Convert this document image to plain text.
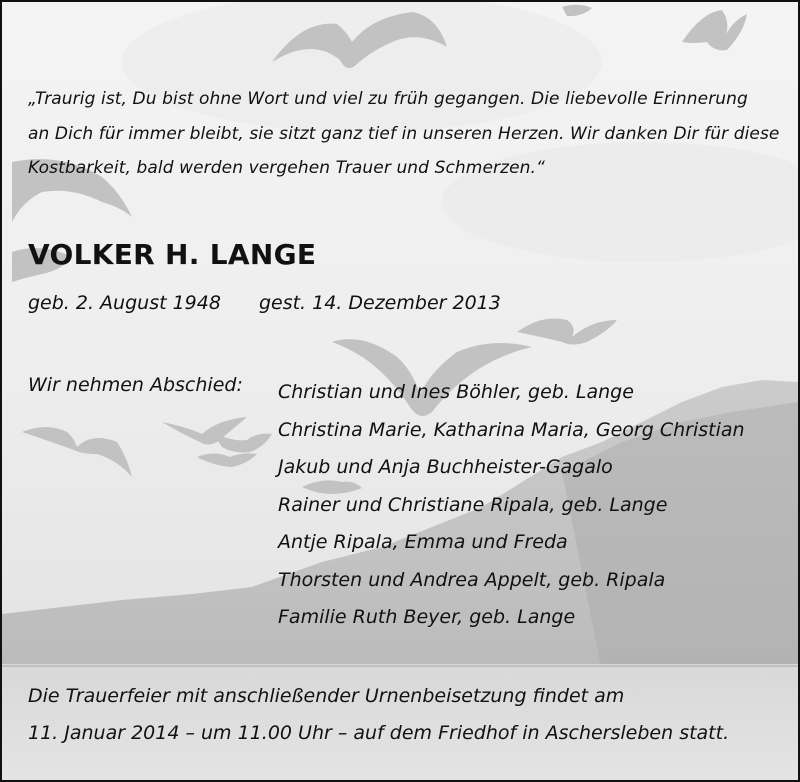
„Traurig ist, Du bist ohne Wort und viel zu früh gegangen. Die liebevolle Erinnerung
an Dich für immer bleibt, sie sitzt ganz tief in unseren Herzen. Wir danken Dir für diese
Kostbarkeit, bald werden vergehen Trauer und Schmerzen.“
VOLKER H. LANGE
geb. 2. August 1948 gest. 14. Dezember 2013
Wir nehmen Abschied: Christian und Ines Böhler, geb. Lange
Christina Marie, Katharina Maria, Georg Christian
Jakub und Anja Buchheister-Gagalo
Rainer und Christiane Ripala, geb. Lange
Antje Ripala, Emma und Freda
Thorsten und Andrea Appelt, geb. Ripala
Familie Ruth Beyer, geb. Lange
Die Trauerfeier mit anschließender Urnenbeisetzung findet am
11. Januar 2014 – um 11.00 Uhr – auf dem Friedhof in Aschersleben statt.
